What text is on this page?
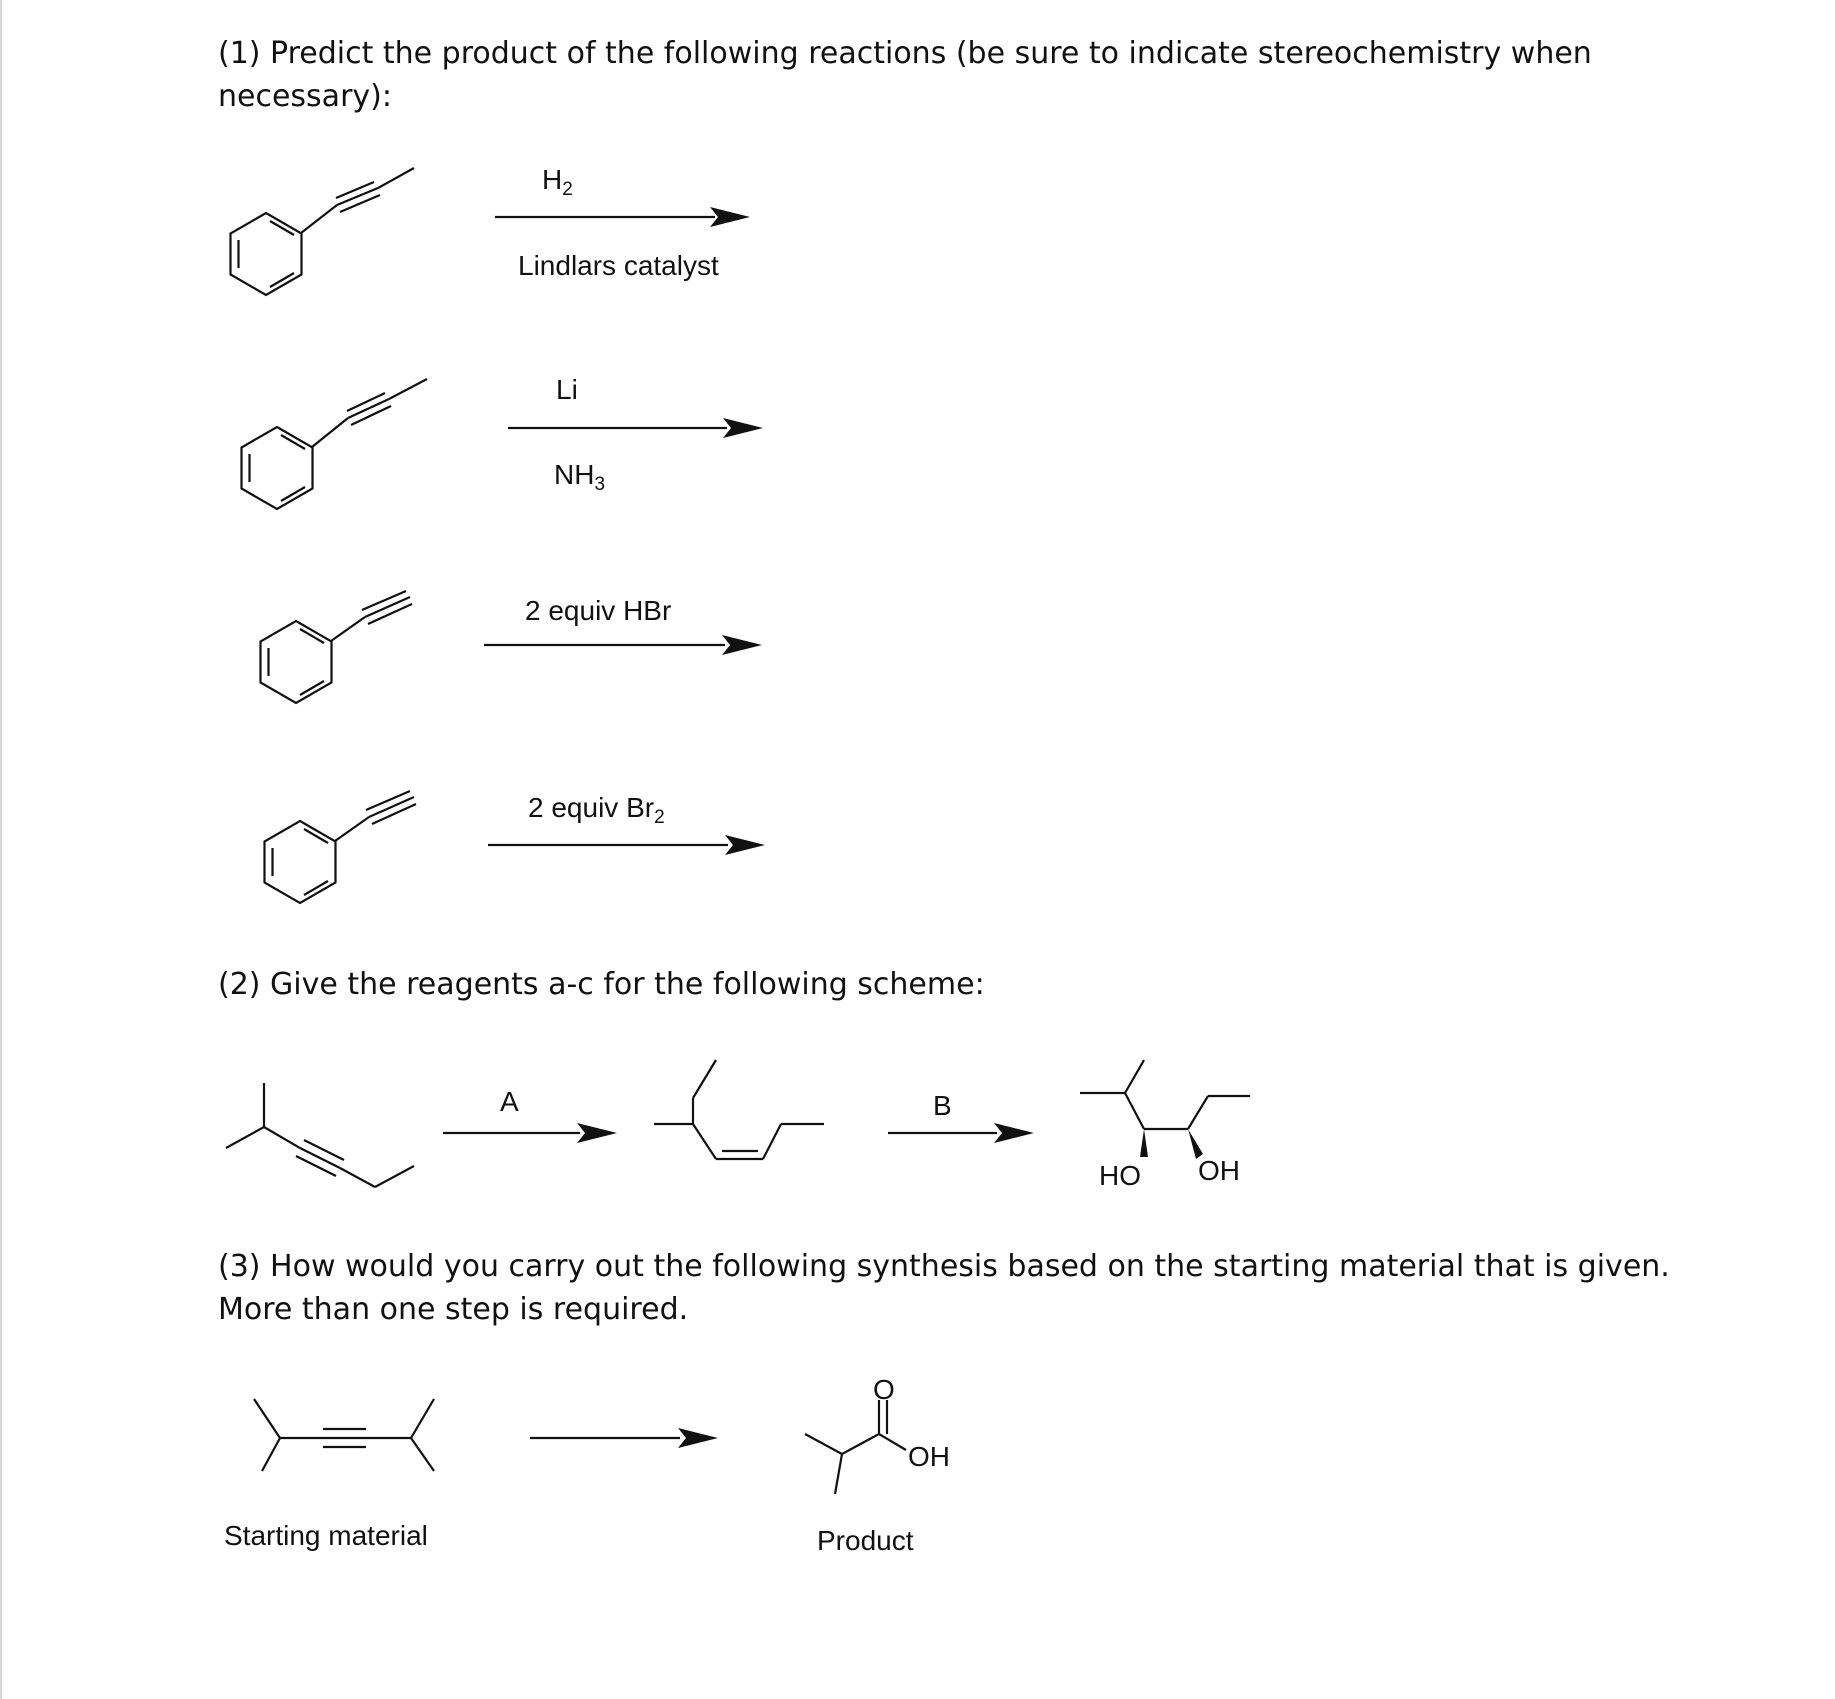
(1) Predict the product of the following reactions (be sure to indicate stereochemistry when

necessary):

(2) Give the reagents a-c for the following scheme:

(3) How would you carry out the following synthesis based on the starting material that is given.

More than one step is required.

$H_2$
Lindlars catalyst
Li
$NH_3$
2 equiv HBr
2 equiv $Br_2$
A	B
HO OH
O
OH
Starting material	Product
